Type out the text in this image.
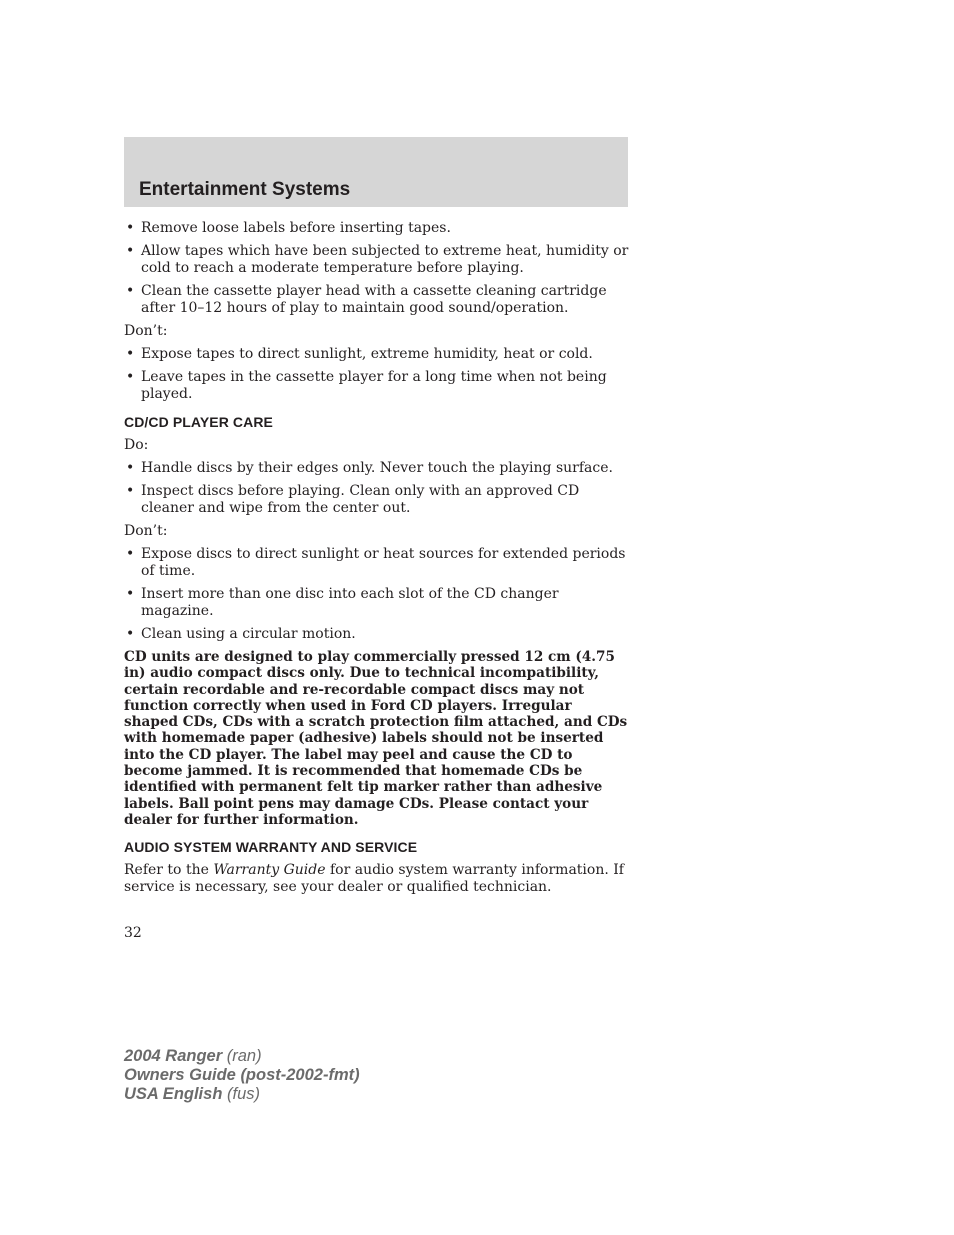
Entertainment Systems
• Remove loose labels before inserting tapes.
• Allow tapes which have been subjected to extreme heat, humidity or cold to reach a moderate temperature before playing.
• Clean the cassette player head with a cassette cleaning cartridge after 10–12 hours of play to maintain good sound/operation.

Don’t:

• Expose tapes to direct sunlight, extreme humidity, heat or cold.
• Leave tapes in the cassette player for a long time when not being played.
CD/CD PLAYER CARE

Do:

• Handle discs by their edges only. Never touch the playing surface.
• Inspect discs before playing. Clean only with an approved CD cleaner and wipe from the center out.

Don’t:

• Expose discs to direct sunlight or heat sources for extended periods of time.
• Insert more than one disc into each slot of the CD changer magazine.
• Clean using a circular motion.

CD units are designed to play commercially pressed 12 cm (4.75 in) audio compact discs only. Due to technical incompatibility, certain recordable and re-recordable compact discs may not function correctly when used in Ford CD players. Irregular shaped CDs, CDs with a scratch protection film attached, and CDs with homemade paper (adhesive) labels should not be inserted into the CD player. The label may peel and cause the CD to become jammed. It is recommended that homemade CDs be identified with permanent felt tip marker rather than adhesive labels. Ball point pens may damage CDs. Please contact your dealer for further information.

AUDIO SYSTEM WARRANTY AND SERVICE

Refer to the Warranty Guide for audio system warranty information. If service is necessary, see your dealer or qualified technician.

32
2004 Ranger (ran)
Owners Guide (post-2002-fmt)
USA English (fus)
